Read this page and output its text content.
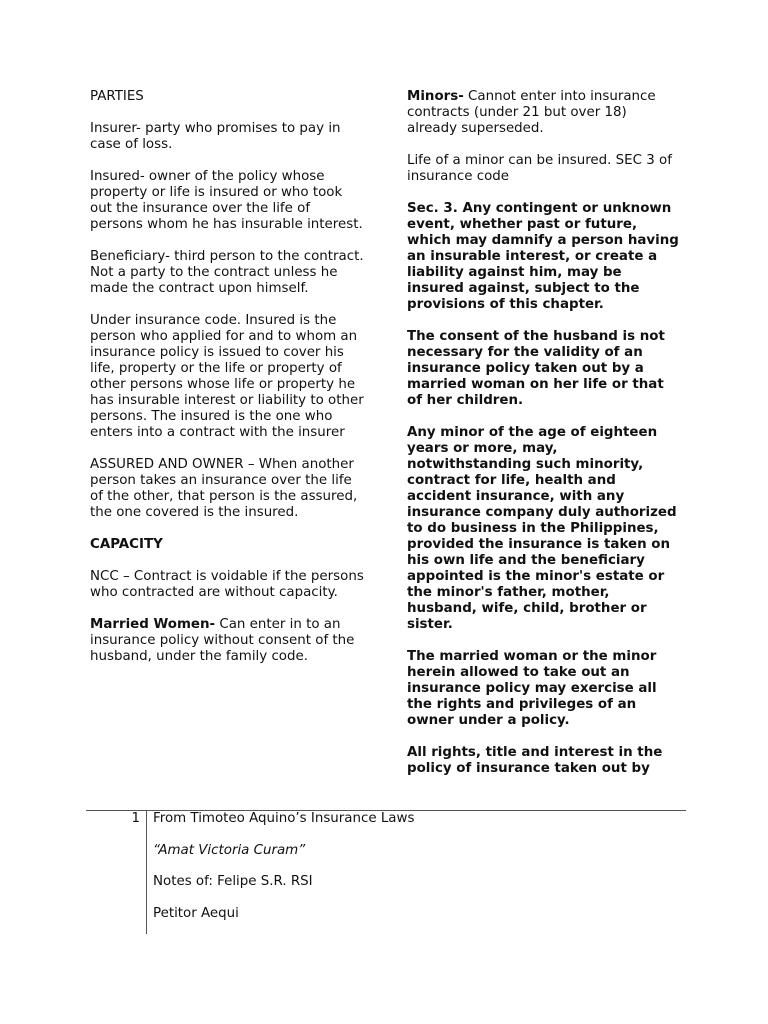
PARTIES

Insurer- party who promises to pay in case of loss.

Insured- owner of the policy whose property or life is insured or who took out the insurance over the life of persons whom he has insurable interest.

Beneficiary- third person to the contract.

Not a party to the contract unless he made the contract upon himself.

Under insurance code. Insured is the person who applied for and to whom an insurance policy is issued to cover his life, property or the life or property of other persons whose life or property he has insurable interest or liability to other persons. The insured is the one who enters into a contract with the insurer

ASSURED AND OWNER – When another person takes an insurance over the life of the other, that person is the assured, the one covered is the insured.

CAPACITY

NCC – Contract is voidable if the persons who contracted are without capacity.

Married Women- Can enter in to an insurance policy without consent of the husband, under the family code.

Minors- Cannot enter into insurance contracts (under 21 but over 18) already superseded.

Life of a minor can be insured. SEC 3 of insurance code

Sec. 3. Any contingent or unknown event, whether past or future, which may damnify a person having an insurable interest, or create a liability against him, may be insured against, subject to the provisions of this chapter.

The consent of the husband is not necessary for the validity of an insurance policy taken out by a married woman on her life or that of her children.

Any minor of the age of eighteen years or more, may, notwithstanding such minority, contract for life, health and accident insurance, with any insurance company duly authorized to do business in the Philippines, provided the insurance is taken on his own life and the beneficiary appointed is the minor's estate or the minor's father, mother, husband, wife, child, brother or sister.

The married woman or the minor herein allowed to take out an insurance policy may exercise all the rights and privileges of an owner under a policy.

All rights, title and interest in the policy of insurance taken out by

1 From Timoteo Aquino’s Insurance Laws
“Amat Victoria Curam”
Notes of: Felipe S.R. RSI
Petitor Aequi
